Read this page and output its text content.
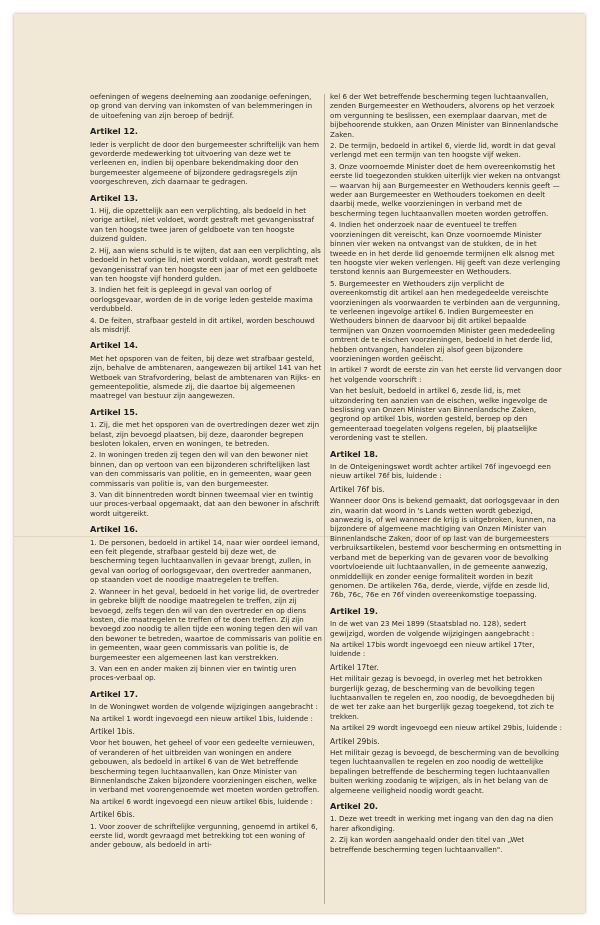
oefeningen of wegens deelneming aan zoodanige oefeningen, op grond van derving van inkomsten of van belemmeringen in de uitoefening van zijn beroep of bedrijf.
Artikel 12.
Ieder is verplicht de door den burgemeester schriftelijk van hem gevorderde medewerking tot uitvoering van deze wet te verleenen en, indien bij openbare bekendmaking door den burgemeester algemeene of bijzondere gedragsregels zijn voorgeschreven, zich daarnaar te gedragen.
Artikel 13.
1. Hij, die opzettelijk aan een verplichting, als bedoeld in het vorige artikel, niet voldoet, wordt gestraft met gevangenisstraf van ten hoogste twee jaren of geldboete van ten hoogste duizend gulden.
2. Hij, aan wiens schuld is te wijten, dat aan een verplichting, als bedoeld in het vorige lid, niet wordt voldaan, wordt gestraft met gevangenisstraf van ten hoogste een jaar of met een geldboete van ten hoogste vijf honderd gulden.
3. Indien het feit is gepleegd in geval van oorlog of oorlogsgevaar, worden de in de vorige leden gestelde maxima verdubbeld.
4. De feiten, strafbaar gesteld in dit artikel, worden beschouwd als misdrijf.
Artikel 14.
Met het opsporen van de feiten, bij deze wet strafbaar gesteld, zijn, behalve de ambtenaren, aangewezen bij artikel 141 van het Wetboek van Strafvordering, belast de ambtenaren van Rijks- en gemeentepolitie, alsmede zij, die daartoe bij algemeenen maatregel van bestuur zijn aangewezen.
Artikel 15.
1. Zij, die met het opsporen van de overtredingen dezer wet zijn belast, zijn bevoegd plaatsen, bij deze, daaronder begrepen besloten lokalen, erven en woningen, te betreden.
2. In woningen treden zij tegen den wil van den bewoner niet binnen, dan op vertoon van een bijzonderen schriftelijken last van den commissaris van politie, en in gemeenten, waar geen commissaris van politie is, van den burgemeester.
3. Van dit binnentreden wordt binnen tweemaal vier en twintig uur proces-verbaal opgemaakt, dat aan den bewoner in afschrift wordt uitgereikt.
Artikel 16.
1. De personen, bedoeld in artikel 14, naar wier oordeel iemand, een feit plegende, strafbaar gesteld bij deze wet, de bescherming tegen luchtaanvallen in gevaar brengt, zullen, in geval van oorlog of oorlogsgevaar, den overtreder aanmanen, op staanden voet de noodige maatregelen te treffen.
2. Wanneer in het geval, bedoeld in het vorige lid, de overtreder in gebreke blijft de noodige maatregelen te treffen, zijn zij bevoegd, zelfs tegen den wil van den overtreder en op diens kosten, die maatregelen te treffen of te doen treffen. Zij zijn bevoegd zoo noodig te allen tijde een woning tegen den wil van den bewoner te betreden, waartoe de commissaris van politie en in gemeenten, waar geen commissaris van politie is, de burgemeester een algemeenen last kan verstrekken.
3. Van een en ander maken zij binnen vier en twintig uren proces-verbaal op.
Artikel 17.
In de Woningwet worden de volgende wijzigingen aangebracht :
Na artikel 1 wordt ingevoegd een nieuw artikel 1bis, luidende :
Artikel 1bis.
Voor het bouwen, het geheel of voor een gedeelte vernieuwen, of veranderen of het uitbreiden van woningen en andere gebouwen, als bedoeld in artikel 6 van de Wet betreffende bescherming tegen luchtaanvallen, kan Onze Minister van Binnenlandsche Zaken bijzondere voorzieningen eischen, welke in verband met voorengenoemde wet moeten worden getroffen.
Na artikel 6 wordt ingevoegd een nieuw artikel 6bis, luidende :
Artikel 6bis.
1. Voor zoover de schriftelijke vergunning, genoemd in artikel 6, eerste lid, wordt gevraagd met betrekking tot een woning of ander gebouw, als bedoeld in arti-
kel 6 der Wet betreffende bescherming tegen luchtaanvallen, zenden Burgemeester en Wethouders, alvorens op het verzoek om vergunning te beslissen, een exemplaar daarvan, met de bijbehoorende stukken, aan Onzen Minister van Binnenlandsche Zaken.
2. De termijn, bedoeld in artikel 6, vierde lid, wordt in dat geval verlengd met een termijn van ten hoogste vijf weken.
3. Onze voornoemde Minister doet de hem overeenkomstig het eerste lid toegezonden stukken uiterlijk vier weken na ontvangst — waarvan hij aan Burgemeester en Wethouders kennis geeft — weder aan Burgemeester en Wethouders toekomen en deelt daarbij mede, welke voorzieningen in verband met de bescherming tegen luchtaanvallen moeten worden getroffen.
4. Indien het onderzoek naar de eventueel te treffen voorzieningen dit vereischt, kan Onze voornoemde Minister binnen vier weken na ontvangst van de stukken, de in het tweede en in het derde lid genoemde termijnen elk alsnog met ten hoogste vier weken verlengen. Hij geeft van deze verlenging terstond kennis aan Burgemeester en Wethouders.
5. Burgemeester en Wethouders zijn verplicht de overeenkomstig dit artikel aan hen medegedeelde vereischte voorzieningen als voorwaarden te verbinden aan de vergunning, te verleenen ingevolge artikel 6. Indien Burgemeester en Wethouders binnen de daarvoor bij dit artikel bepaalde termijnen van Onzen voornoemden Minister geen mededeeling omtrent de te eischen voorzieningen, bedoeld in het derde lid, hebben ontvangen, handelen zij alsof geen bijzondere voorzieningen worden geëischt.
In artikel 7 wordt de eerste zin van het eerste lid vervangen door het volgende voorschrift :
Van het besluit, bedoeld in artikel 6, zesde lid, is, met uitzondering ten aanzien van de eischen, welke ingevolge de beslissing van Onzen Minister van Binnenlandsche Zaken, gegrond op artikel 1bis, worden gesteld, beroep op den gemeenteraad toegelaten volgens regelen, bij plaatselijke verordening vast te stellen.
Artikel 18.
In de Onteigeningswet wordt achter artikel 76f ingevoegd een nieuw artikel 76f bis, luidende :
Artikel 76f bis.
Wanneer door Ons is bekend gemaakt, dat oorlogsgevaar in den zin, waarin dat woord in 's Lands wetten wordt gebezigd, aanwezig is, of wel wanneer de krijg is uitgebroken, kunnen, na bijzondere of algemeene machtiging van Onzen Minister van Binnenlandsche Zaken, door of op last van de burgemeesters verbruiksartikelen, bestemd voor bescherming en ontsmetting in verband met de beperking van de gevaren voor de bevolking voortvloeiende uit luchtaanvallen, in de gemeente aanwezig, onmiddellijk en zonder eenige formaliteit worden in bezit genomen. De artikelen 76a, derde, vierde, vijfde en zesde lid, 76b, 76c, 76e en 76f vinden overeenkomstige toepassing.
Artikel 19.
In de wet van 23 Mei 1899 (Staatsblad no. 128), sedert gewijzigd, worden de volgende wijzigingen aangebracht :
Na artikel 17bis wordt ingevoegd een nieuw artikel 17ter, luidende :
Artikel 17ter.
Het militair gezag is bevoegd, in overleg met het betrokken burgerlijk gezag, de bescherming van de bevolking tegen luchtaanvallen te regelen en, zoo noodig, de bevoegdheden bij de wet ter zake aan het burgerlijk gezag toegekend, tot zich te trekken.
Na artikel 29 wordt ingevoegd een nieuw artikel 29bis, luidende :
Artikel 29bis.
Het militair gezag is bevoegd, de bescherming van de bevolking tegen luchtaanvallen te regelen en zoo noodig de wettelijke bepalingen betreffende de bescherming tegen luchtaanvallen buiten werking zoodanig te wijzigen, als in het belang van de algemeene veiligheid noodig wordt geacht.
Artikel 20.
1. Deze wet treedt in werking met ingang van den dag na dien harer afkondiging.
2. Zij kan worden aangehaald onder den titel van „Wet betreffende bescherming tegen luchtaanvallen".
